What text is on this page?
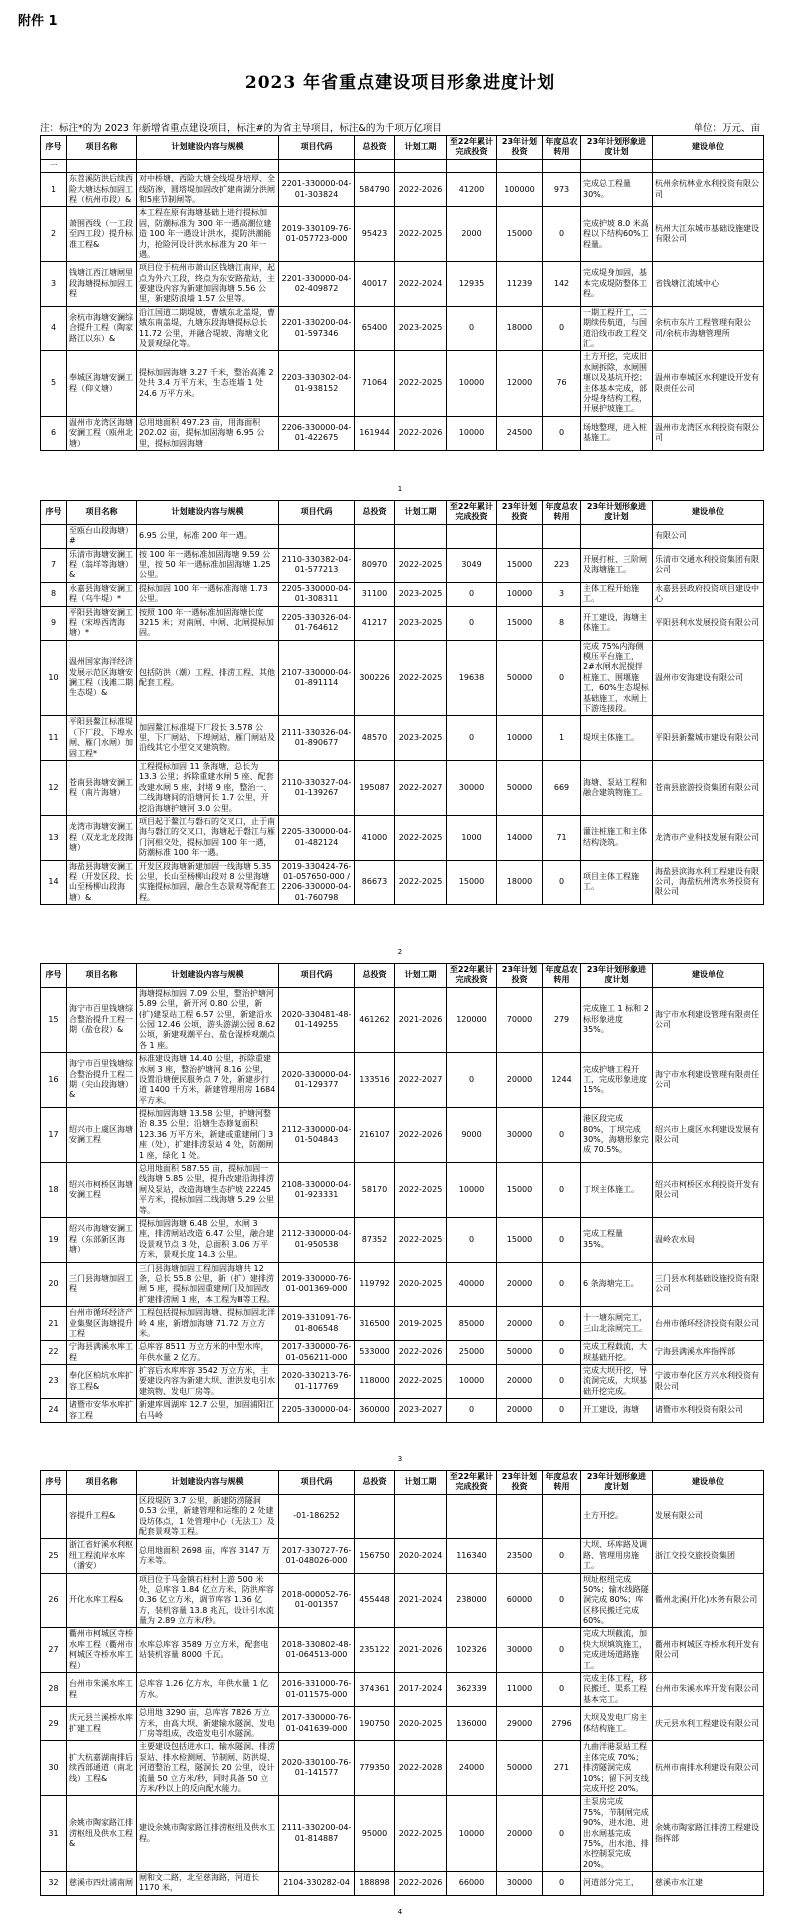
附件 1
2023 年省重点建设项目形象进度计划
注：标注*的为 2023 年新增省重点建设项目，标注#的为省主导项目，标注&的为千项万亿项目	单位：万元、亩
序号	项目名称	计划建设内容与规模	项目代码	总投资	计划工期	至22年累计完成投资	23年计划投资	年度总农转用	23年计划形象进度计划	建设单位
一										
1	东苕溪防洪后续西险大塘达标加固工程（杭州市段）&	对中桥塘、西险大塘全线堤身培厚、全线防渗，圆塔堤加固改扩建南湖分洪闸和5座节制闸等。	2201-330000-04-01-303824	584790	2022-2026	41200	100000	973	完成总工程量30%。	杭州余杭林业水利投资有限公司
2	萧围西线（一工段至四工段）提升标准工程&	本工程在原有海塘基础上进行提标加固，防潮标准为 300 年一遇高潮位建造 100 年一遇设计洪水，提防洪潮能力，抢险河设计洪水标准为 20 年一遇。	2019-330109-76-01-057723-000	95423	2022-2025	2000	15000	0	完成护坡 8.0 米高程以下结构60%工程量。	杭州大江东城市基础设施建设有限公司
3	钱塘江西江塘闸里段海塘提标加固工程	项目位于杭州市萧山区钱塘江南岸，起点为外六工段，终点为东安路盐站，主要建设内容为新建加固海塘 5.56 公里，新建防浪墙 1.57 公里等。	2201-330000-04-02-409872	40017	2022-2024	12935	11239	142	完成堤身加固，基本完成堤防整体工程。	省钱塘江流域中心
4	余杭市海塘安澜综合提升工程（陶家路江以东）&	沿江国道二期堤坡，曹娥东北盖堤，曹娥东南盖堤，九塘东段海塘提标总长 11.72 公里，并融合堤坡、海塘文化及景观绿化等。	2201-330200-04-01-597346	65400	2023-2025	0	18000	0	一期工程开工，二期续传航道，与国道沿线市政工程交汇。	余杭市东片工程管理有限公司/余杭市海塘管理所
5	奉城区海塘安澜工程（仰义塘）	提标加固海塘 3.27 千米，整治高滩 2 处共 3.4 万平方米，生态连墙 1 处 24.6 万平方米。	2203-330302-04-01-938152	71064	2022-2025	10000	12000	76	土方开挖，完成旧水闸拆除，水闸围堰以及基坑开挖；主体基本完成，部分堤身结构工程，开展护坡施工。	温州市奉城区水利建设开发有限责任公司
6	温州市龙湾区海塘安澜工程（瓯州北塘）	总用地面积 497.23 亩，用海面积 202.02 亩，提标加固海塘 6.95 公里，提标加固海塘	2206-330000-04-01-422675	161944	2022-2026	10000	24500	0	场地整理，进入桩基施工。	温州市龙湾区水利投资有限公司
1
序号	项目名称	计划建设内容与规模	项目代码	总投资	计划工期	至22年累计完成投资	23年计划投资	年度总农转用	23年计划形象进度计划	建设单位
	至瓯台山段海塘）#	6.95 公里，标准 200 年一遇。								有限公司
7	乐清市海塘安澜工程（翁垟等海塘）&	按 100 年一遇标准加固海塘 9.59 公里，按 50 年一遇标准加固海塘 1.25 公里。	2110-330382-04-01-577213	80970	2022-2025	3049	15000	223	开展打桩、三阶闸及海塘施工。	乐清市交通水利投资集团有限公司
8	永嘉县海塘安澜工程（乌牛堤）*	提标加固 100 年一遇标准海塘 1.73 公里。	2205-330000-04-01-308311	31100	2023-2025	0	10000	3	主体工程开始施工。	永嘉县县政府投资项目建设中心
9	平阳县海塘安澜工程（宋埠西湾海塘）*	按照 100 年一遇标准加固海塘长度 3215 米；对南闸、中闸、北闸提标加固。	2205-330326-04-01-764612	41217	2023-2025	0	15000	8	开工建设，海塘主体施工。	平阳县利水发展投资有限公司
10	温州国家海洋经济发展示范区海塘安澜工程（浅滩二期生态堤）&	包括防洪（潮）工程、排涝工程、其他配套工程。	2107-330000-04-01-891114	300226	2022-2025	19638	50000	0	完成 75%内海侧模压平台施工，2#水闸水泥搅拌桩施工、围堰施工，60%生态堤标基础施工，水闸上下游连接段。	温州市安海建设有限公司
11	平阳县鳌江标准堤（下厂段、下埠水闸、雁门水闸）加固工程*	加固鳌江标准堤下厂段长 3.578 公里，下厂闸站、下埠闸站、雁门闸站及沿线其它小型交叉建筑物。	2111-330326-04-01-890677	48570	2023-2025	0	10000	1	堤坝主体施工。	平阳县新鳌城市建设有限公司
12	苍南县海塘安澜工程（南片海塘）	工程提标加固 11 条海塘，总长为 13.3 公里；拆除重建水闸 5 座、配套改建水闸 5 座，封堵 9 座，整治一、二线海塘间的沿塘河长 1.7 公里，开挖沿海塘护塘河 3.0 公里。	2110-330327-04-01-139267	195087	2022-2027	30000	50000	669	海塘、泵站工程和融合建筑物施工。	苍南县旅游投资集团有限公司
13	龙湾市海塘安澜工程（双龙北龙段海塘）	项目起于鳌江与磐石的交叉口，止于南海与磐江的交叉口，海塘起于磐江与雁门河相交处，提标加固 100 年一遇，防潮标准 100 年一遇。	2205-330000-04-01-482124	41000	2022-2025	1000	14000	71	灌注桩施工和主体结构浇筑。	龙湾市产业科技发展有限公司
14	海盐县海塘安澜工程（开发区段、长山至杨柳山段海塘）&	开发区段海塘新建加固一线海塘 5.35 公里，长山至杨柳山段对 8 公里海塘实施提标加固，融合生态景观等配套工程。	2019-330424-76-01-057650-000 / 2206-330000-04-01-760798	86673	2022-2025	15000	18000	0	项目主体工程施工。	海盐县滨海水利工程建设有限公司，海盐杭州湾水务投资有限公司
2
序号	项目名称	计划建设内容与规模	项目代码	总投资	计划工期	至22年累计完成投资	23年计划投资	年度总农转用	23年计划形象进度计划	建设单位
15	海宁市百里钱塘综合整治提升工程一期（盐仓段）&	海塘提标加固 7.09 公里，整治护塘河 5.89 公里，新开河 0.80 公里，新(扩)建泵站工程 6.57 公里，新建沿水公园 12.46 公顷，游头游湖公园 8.62 公顷，新建观潮平台、盐仓湿桥观潮点各 1 座。	2020-330481-48-01-149255	461262	2021-2026	120000	70000	279	完成施工 1 标和 2 标形象进度 35%。	海宁市水利建设管理有限责任公司
16	海宁市百里钱塘综合整治提升工程二期（尖山段海塘）&	标准建设海塘 14.40 公里，拆除重建水闸 3 座，整治护塘河 8.16 公里，设置沿塘便民服务点 7 处，新建步行道 1400 千方米，新建管理用房 1684 平方米。	2020-330000-04-01-129377	133516	2022-2027	0	20000	1244	完成护塘工程开工，完成形象进度 15%。	海宁市水利建设管理有限责任公司
17	绍兴市上虞区海塘安澜工程	提标加固海塘 13.58 公里，护塘河整治 8.35 公里；沿塘生态修复面积 123.36 万平方米，新建或重建闸门 3 座（处），扩建排涝泵站 4 处，防潮闸 1 座，绿化 1 处。	2112-330000-04-01-504843	216107	2022-2026	9000	30000	0	港区段完成 80%，丁坝完成 30%，海塘形象完成 70.5%。	绍兴市上虞区水利建设发展有限公司
18	绍兴市柯桥区海塘安澜工程	总用地面积 587.55 亩，提标加固一线海塘 5.85 公里，提升改建沿海排涝闸及泵站，改造海塘生态护坡 22245 平方米，提标加固二线海塘 5.29 公里等。	2108-330000-04-01-923331	58170	2022-2025	10000	15000	0	丁坝主体施工。	绍兴市柯桥区水利投资开发有限公司
19	绍兴市海塘安澜工程（东部新区海塘）	提标加固海塘 6.48 公里，水闸 3 座，排涝闸站改造 6.47 公里，融合建设景观节点 3 处，总面积 3.06 万平方米，景观长度 14.3 公里。	2112-330000-04-01-950538	87352	2022-2025	0	15000	0	完成工程量 35%。	温岭农水局
20	三门县海塘加固工程	三门县海塘加固工程加固海塘共 12 条，总长 55.8 公里，新（扩）建排涝闸 5 座，提标加固重建闸门及加固改扩建排涝闸 1 座，本工程为Ⅲ等工程。	2019-330000-76-01-001369-000	119792	2020-2025	40000	20000	0	6 条海塘完工。	三门县水利基础设施投资有限公司
21	台州市循环经济产业集聚区海塘提升工程	工程包括提标加固海塘、提标加固北洋岭 4 座，新增加海塘 71.72 万立方米。	2019-331091-76-01-806548	316500	2019-2025	85000	20000	0	十一塘东闸完工，三山北涂闸完工。	台州市循环经济投资有限公司
22	宁海县满溪水库工程	总库容 8511 万立方米的中型水库，年供水量 2 亿方。	2017-330000-76-01-056211-000	533000	2022-2026	25000	50000	0	完成工程载流，大坝基础开挖。	宁海县满溪水库指挥部
23	奉化区柏坑水库扩容工程&	扩容后水库库容 3542 万立方米，主要建设内容为新建大坝、泄洪发电引水建筑物、发电厂房等。	2020-330213-76-01-117769	118000	2022-2025	10000	20000	0	完成大坝开挖，导流洞完成，大坝基础开挖完成。	宁波市奉化区方兴水利投资有限公司
24	诸暨市安华水库扩容工程	新建库周湖库 12.7 公里，加固浦阳江右马岭	2205-330000-04-	360000	2023-2027	0	20000	0	开工建设，海塘	诸暨市水利投资有限公司
3
序号	项目名称	计划建设内容与规模	项目代码	总投资	计划工期	至22年累计完成投资	23年计划投资	年度总农转用	23年计划形象进度计划	建设单位
	容提升工程&	区段堤防 3.7 公里，新建防涝隧洞 0.53 公里，新建管理和运维的 2 处建设坊体点，1 处管理中心（无法工）及配套景观等工程。	-01-186252						土方开挖。	发展有限公司
25	浙江省好溪水利枢纽工程流岸水库（潘安）	总用地面积 2698 亩，库容 3147 万方米等。	2017-330727-76-01-048026-000	156750	2020-2024	116340	23500	0	大坝、环库路及调路、管理用房施工。	浙江交投交旅投资集团
26	开化水库工程&	项目位于马金镇石柱村上游 500 米处，总库容 1.84 亿立方米，防洪库容 0.36 亿立方米，调节库容 1.36 亿方，装机容量 13.8 兆瓦，设计引水流量为 2.89 立方米/秒。	2018-000052-76-01-001357	455448	2021-2024	238000	60000	0	坝址枢纽完成 50%；输水线路隧洞完成 80%；库区移民搬迁完成 60%。	衢州北溪(开化)水务有限公司
27	衢州市柯城区寺桥水库工程（衢州市柯城区寺桥水库工程）	水库总库容 3589 万立方米，配套电站装机容量 8000 千瓦。	2018-330802-48-01-064513-000	235122	2021-2026	102326	30000	0	完成大坝截流，加快大坝填筑施工，完成进场道路施工。	衢州市柯城区寺桥水利开发有限公司
28	台州市朱溪水库工程	总库容 1.26 亿方水，年供水量 1 亿方水。	2016-331000-76-01-011575-000	374361	2017-2024	362339	11000	0	完成主体工程，移民搬迁、渠系工程基本完工。	台州市朱溪水库开发有限公司
29	庆元县兰溪桥水库扩建工程	总用地 3290 亩，总库容 7826 万立方米，由高大坝、新建输水隧洞、发电厂房等组成，改造发电引水隧洞。	2017-330000-76-01-041639-000	190750	2020-2025	136000	29000	2796	大坝及发电厂房主体结构施工。	庆元县水利工程建设有限公司
30	扩大杭嘉湖南排后续西部通道（南北线）工程&	主要建设包括进水口、输水隧洞、排涝泵站、排水检测闸、节制闸、防洪堤、河道整治工程，隧洞长 20 公里，设计流量 50 立方米/秒，同时具备 50 立方米/秒以上的反向配水能力。	2020-330100-76-01-141577	779350	2022-2028	24000	50000	271	九曲洋港泵站工程主体完成 70%；排涝隧洞完成 10%；留下河支线完成开挖 20%。	杭州市南排水利建设有限公司
31	余姚市陶家路江排涝枢纽及供水工程&	建设余姚市陶家路江排涝枢纽及供水工程。	2111-330200-04-01-814887	95000	2022-2025	10000	20000	0	主泵房完成 75%，节制闸完成 90%，进水池、进出水闸基完成 75%，出水池、排水控制泵完成 20%。	余姚市陶家路江排涝工程建设指挥部
32	慈溪市四灶浦南闸	闸和文二路，北至慈海路，河道长 1170 米，	2104-330282-04	188898	2022-2026	66000	30000	0	河道部分完工，	慈溪市水江建
4
